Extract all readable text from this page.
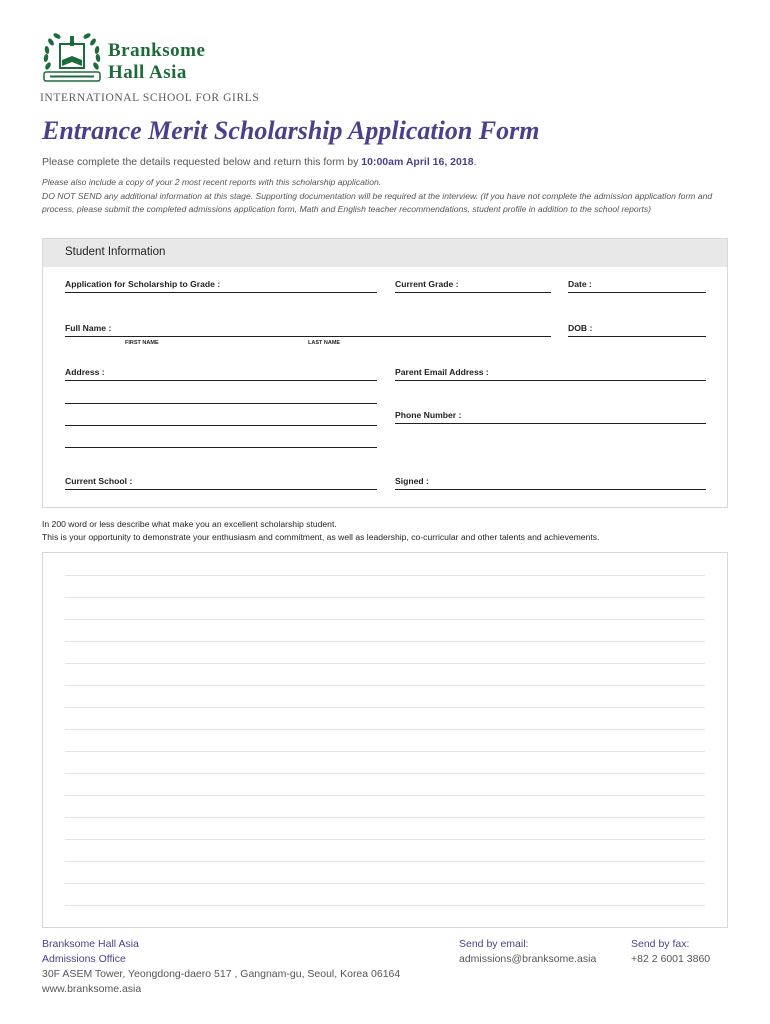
Branksome
Hall Asia
INTERNATIONAL SCHOOL FOR GIRLS
Entrance Merit Scholarship Application Form
Please complete the details requested below and return this form by 10:00am April 16, 2018.
Please also include a copy of your 2 most recent reports with this scholarship application.
DO NOT SEND any additional information at this stage. Supporting documentation will be required at the interview. (If you have not complete the admission application form and process, please submit the completed admissions application form, Math and English teacher recommendations, student profile in addition to the school reports)
Student Information
Application for Scholarship to Grade :	Current Grade :	Date :
Full Name :	DOB :
FIRST NAME	LAST NAME
Address :	Parent Email Address :
Phone Number :
Current School :	Signed :
In 200 word or less describe what make you an excellent scholarship student.
This is your opportunity to demonstrate your enthusiasm and commitment, as well as leadership, co-curricular and other talents and achievements.
Branksome Hall Asia
Admissions Office
30F ASEM Tower, Yeongdong-daero 517 , Gangnam-gu, Seoul, Korea 06164
www.branksome.asia
Send by email:
admissions@branksome.asia
Send by fax:
+82 2 6001 3860
